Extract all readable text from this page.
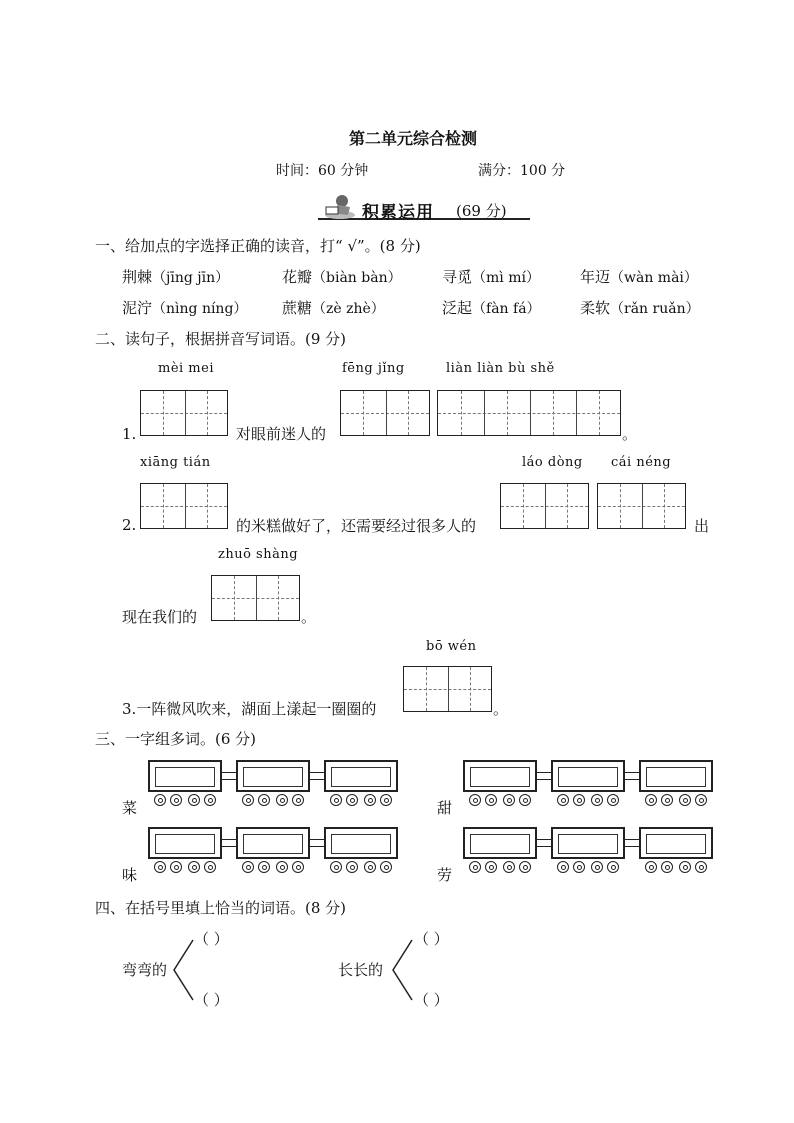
第二单元综合检测
时间：60 分钟	满分：100 分
积累运用 (69 分)
一、给加点的字选择正确的读音，打“ √”。(8 分)
荆棘（jīng jīn）	花瓣（biàn bàn）	寻觅（mì mí）	年迈（wàn mài）
泥泞（nìng níng） 蔗糖（zè zhè）	泛起（fàn fá）	柔软（rǎn ruǎn）
二、读句子，根据拼音写词语。(9 分)
mèi mei	fēng jǐng	liàn liàn bù shě
1.	对眼前迷人的	。
xiāng tián	láo dòng cái néng
2.	的米糕做好了，还需要经过很多人的	出
zhuō shàng
现在我们的	。
bō wén
3.一阵微风吹来，湖面上漾起一圈圈的	。
三、一字组多词。(6 分)
菜	甜
味	劳
四、在括号里填上恰当的词语。(8 分)
弯弯的
（ ）
（ ）
长长的
（ ）
（ ）
